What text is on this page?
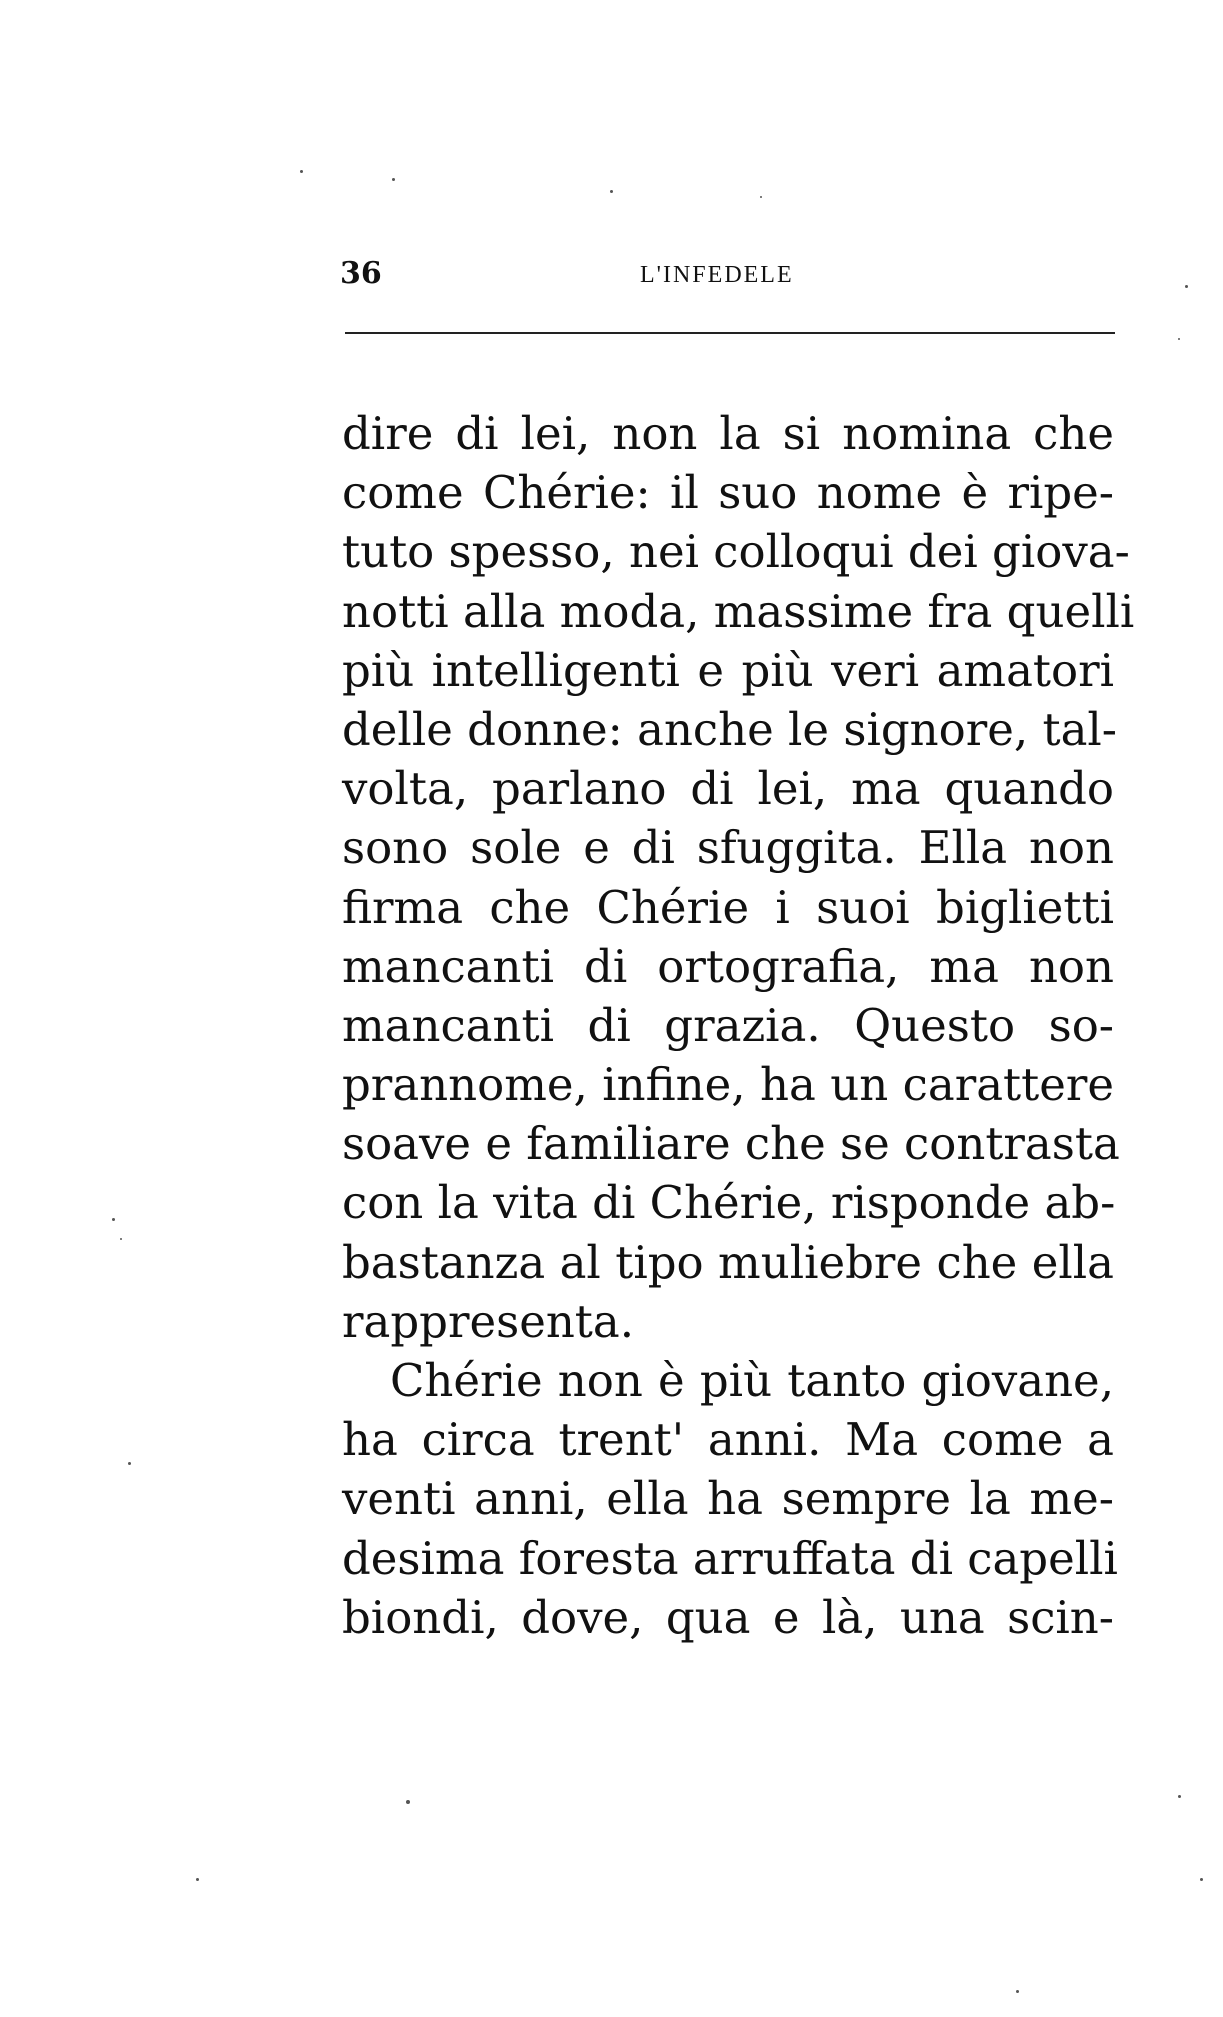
36	L'INFEDELE
dire di lei, non la si nomina che
come Chérie: il suo nome è ripe-
tuto spesso, nei colloqui dei giova-
notti alla moda, massime fra quelli
più intelligenti e più veri amatori
delle donne: anche le signore, tal-
volta, parlano di lei, ma quando
sono sole e di sfuggita. Ella non
firma che Chérie i suoi biglietti
mancanti di ortografia, ma non
mancanti di grazia. Questo so-
prannome, infine, ha un carattere
soave e familiare che se contrasta
con la vita di Chérie, risponde ab-
bastanza al tipo muliebre che ella
rappresenta.
Chérie non è più tanto giovane,
ha circa trent' anni. Ma come a
venti anni, ella ha sempre la me-
desima foresta arruffata di capelli
biondi, dove, qua e là, una scin-
